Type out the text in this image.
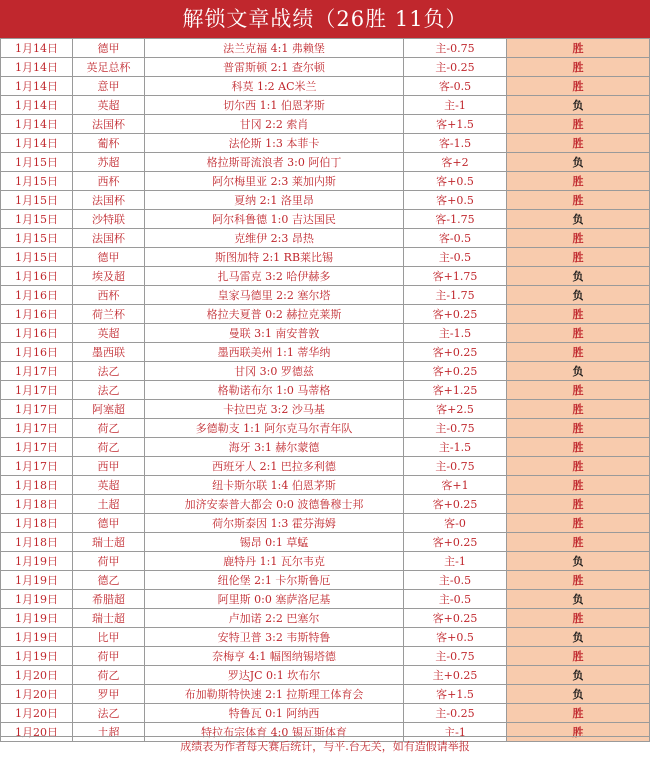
解锁文章战绩（26胜 11负）
1月14日	德甲	法兰克福 4:1 弗赖堡	主-0.75	胜
1月14日	英足总杯	普雷斯顿 2:1 查尔顿	主-0.25	胜
1月14日	意甲	科莫 1:2 AC米兰	客-0.5	胜
1月14日	英超	切尔西 1:1 伯恩茅斯	主-1	负
1月14日	法国杯	甘冈 2:2 索肖	客+1.5	胜
1月14日	葡杯	法伦斯 1:3 本菲卡	客-1.5	胜
1月15日	苏超	格拉斯哥流浪者 3:0 阿伯丁	客+2	负
1月15日	西杯	阿尔梅里亚 2:3 莱加内斯	客+0.5	胜
1月15日	法国杯	夏纳 2:1 洛里昂	客+0.5	胜
1月15日	沙特联	阿尔科鲁德 1:0 吉达国民	客-1.75	负
1月15日	法国杯	克维伊 2:3 昂热	客-0.5	胜
1月15日	德甲	斯图加特 2:1 RB莱比锡	主-0.5	胜
1月16日	埃及超	扎马雷克 3:2 哈伊赫多	客+1.75	负
1月16日	西杯	皇家马德里 2:2 塞尔塔	主-1.75	负
1月16日	荷兰杯	格拉夫夏普 0:2 赫拉克莱斯	客+0.25	胜
1月16日	英超	曼联 3:1 南安普敦	主-1.5	胜
1月16日	墨西联	墨西联美州 1:1 蒂华纳	客+0.25	胜
1月17日	法乙	甘冈 3:0 罗德兹	客+0.25	负
1月17日	法乙	格勒诺布尔 1:0 马蒂格	客+1.25	胜
1月17日	阿塞超	卡拉巴克 3:2 沙马基	客+2.5	胜
1月17日	荷乙	多德勒支 1:1 阿尔克马尔青年队	主-0.75	胜
1月17日	荷乙	海牙 3:1 赫尔蒙德	主-1.5	胜
1月17日	西甲	西班牙人 2:1 巴拉多利德	主-0.75	胜
1月18日	英超	纽卡斯尔联 1:4 伯恩茅斯	客+1	胜
1月18日	土超	加济安泰普大都会 0:0 波德鲁穆士邦	客+0.25	胜
1月18日	德甲	荷尔斯泰因 1:3 霍芬海姆	客-0	胜
1月18日	瑞士超	锡昂 0:1 草蜢	客+0.25	胜
1月19日	荷甲	鹿特丹 1:1 瓦尔韦克	主-1	负
1月19日	德乙	纽伦堡 2:1 卡尔斯鲁厄	主-0.5	胜
1月19日	希腊超	阿里斯 0:0 塞萨洛尼基	主-0.5	负
1月19日	瑞士超	卢加诺 2:2 巴塞尔	客+0.25	胜
1月19日	比甲	安特卫普 3:2 韦斯特鲁	客+0.5	负
1月19日	荷甲	奈梅亨 4:1 幅图纳锡塔德	主-0.75	胜
1月20日	荷乙	罗达JC 0:1 坎布尔	主+0.25	负
1月20日	罗甲	布加勒斯特快速 2:1 拉斯理工体育会	客+1.5	负
1月20日	法乙	特鲁瓦 0:1 阿纳西	主-0.25	胜
1月20日	土超	特拉布宗体育 4:0 锡瓦斯体育	主-1	胜
成绩表为作者每天赛后统计，与平.台无关，如有造假请举报
